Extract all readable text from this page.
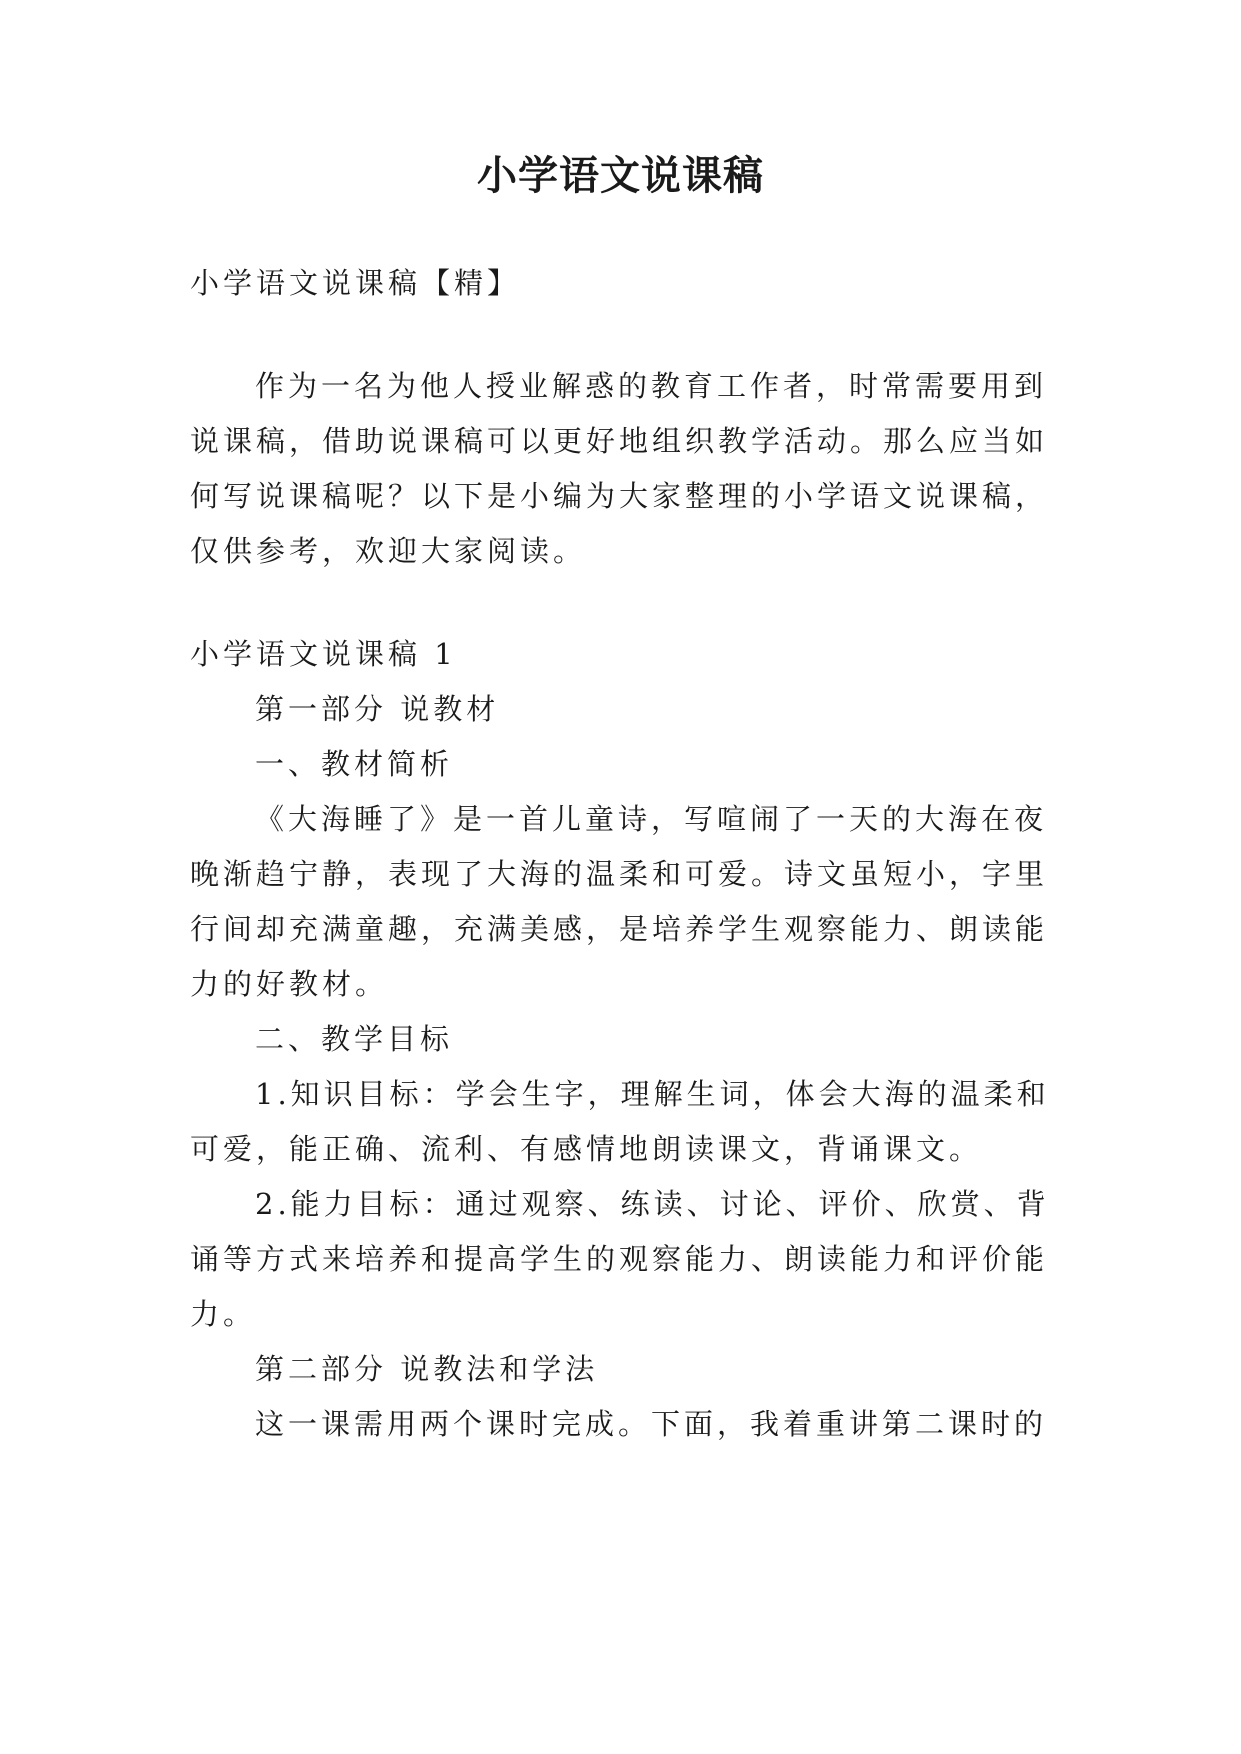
小学语文说课稿
小学语文说课稿【精】
作为一名为他人授业解惑的教育工作者，时常需要用到
说课稿，借助说课稿可以更好地组织教学活动。那么应当如
何写说课稿呢？以下是小编为大家整理的小学语文说课稿，
仅供参考，欢迎大家阅读。
小学语文说课稿 1
第一部分 说教材
一、教材简析
《大海睡了》是一首儿童诗，写喧闹了一天的大海在夜
晚渐趋宁静，表现了大海的温柔和可爱。诗文虽短小，字里
行间却充满童趣，充满美感，是培养学生观察能力、朗读能
力的好教材。
二、教学目标
1.知识目标：学会生字，理解生词，体会大海的温柔和
可爱，能正确、流利、有感情地朗读课文，背诵课文。
2.能力目标：通过观察、练读、讨论、评价、欣赏、背
诵等方式来培养和提高学生的观察能力、朗读能力和评价能
力。
第二部分 说教法和学法
这一课需用两个课时完成。下面，我着重讲第二课时的
